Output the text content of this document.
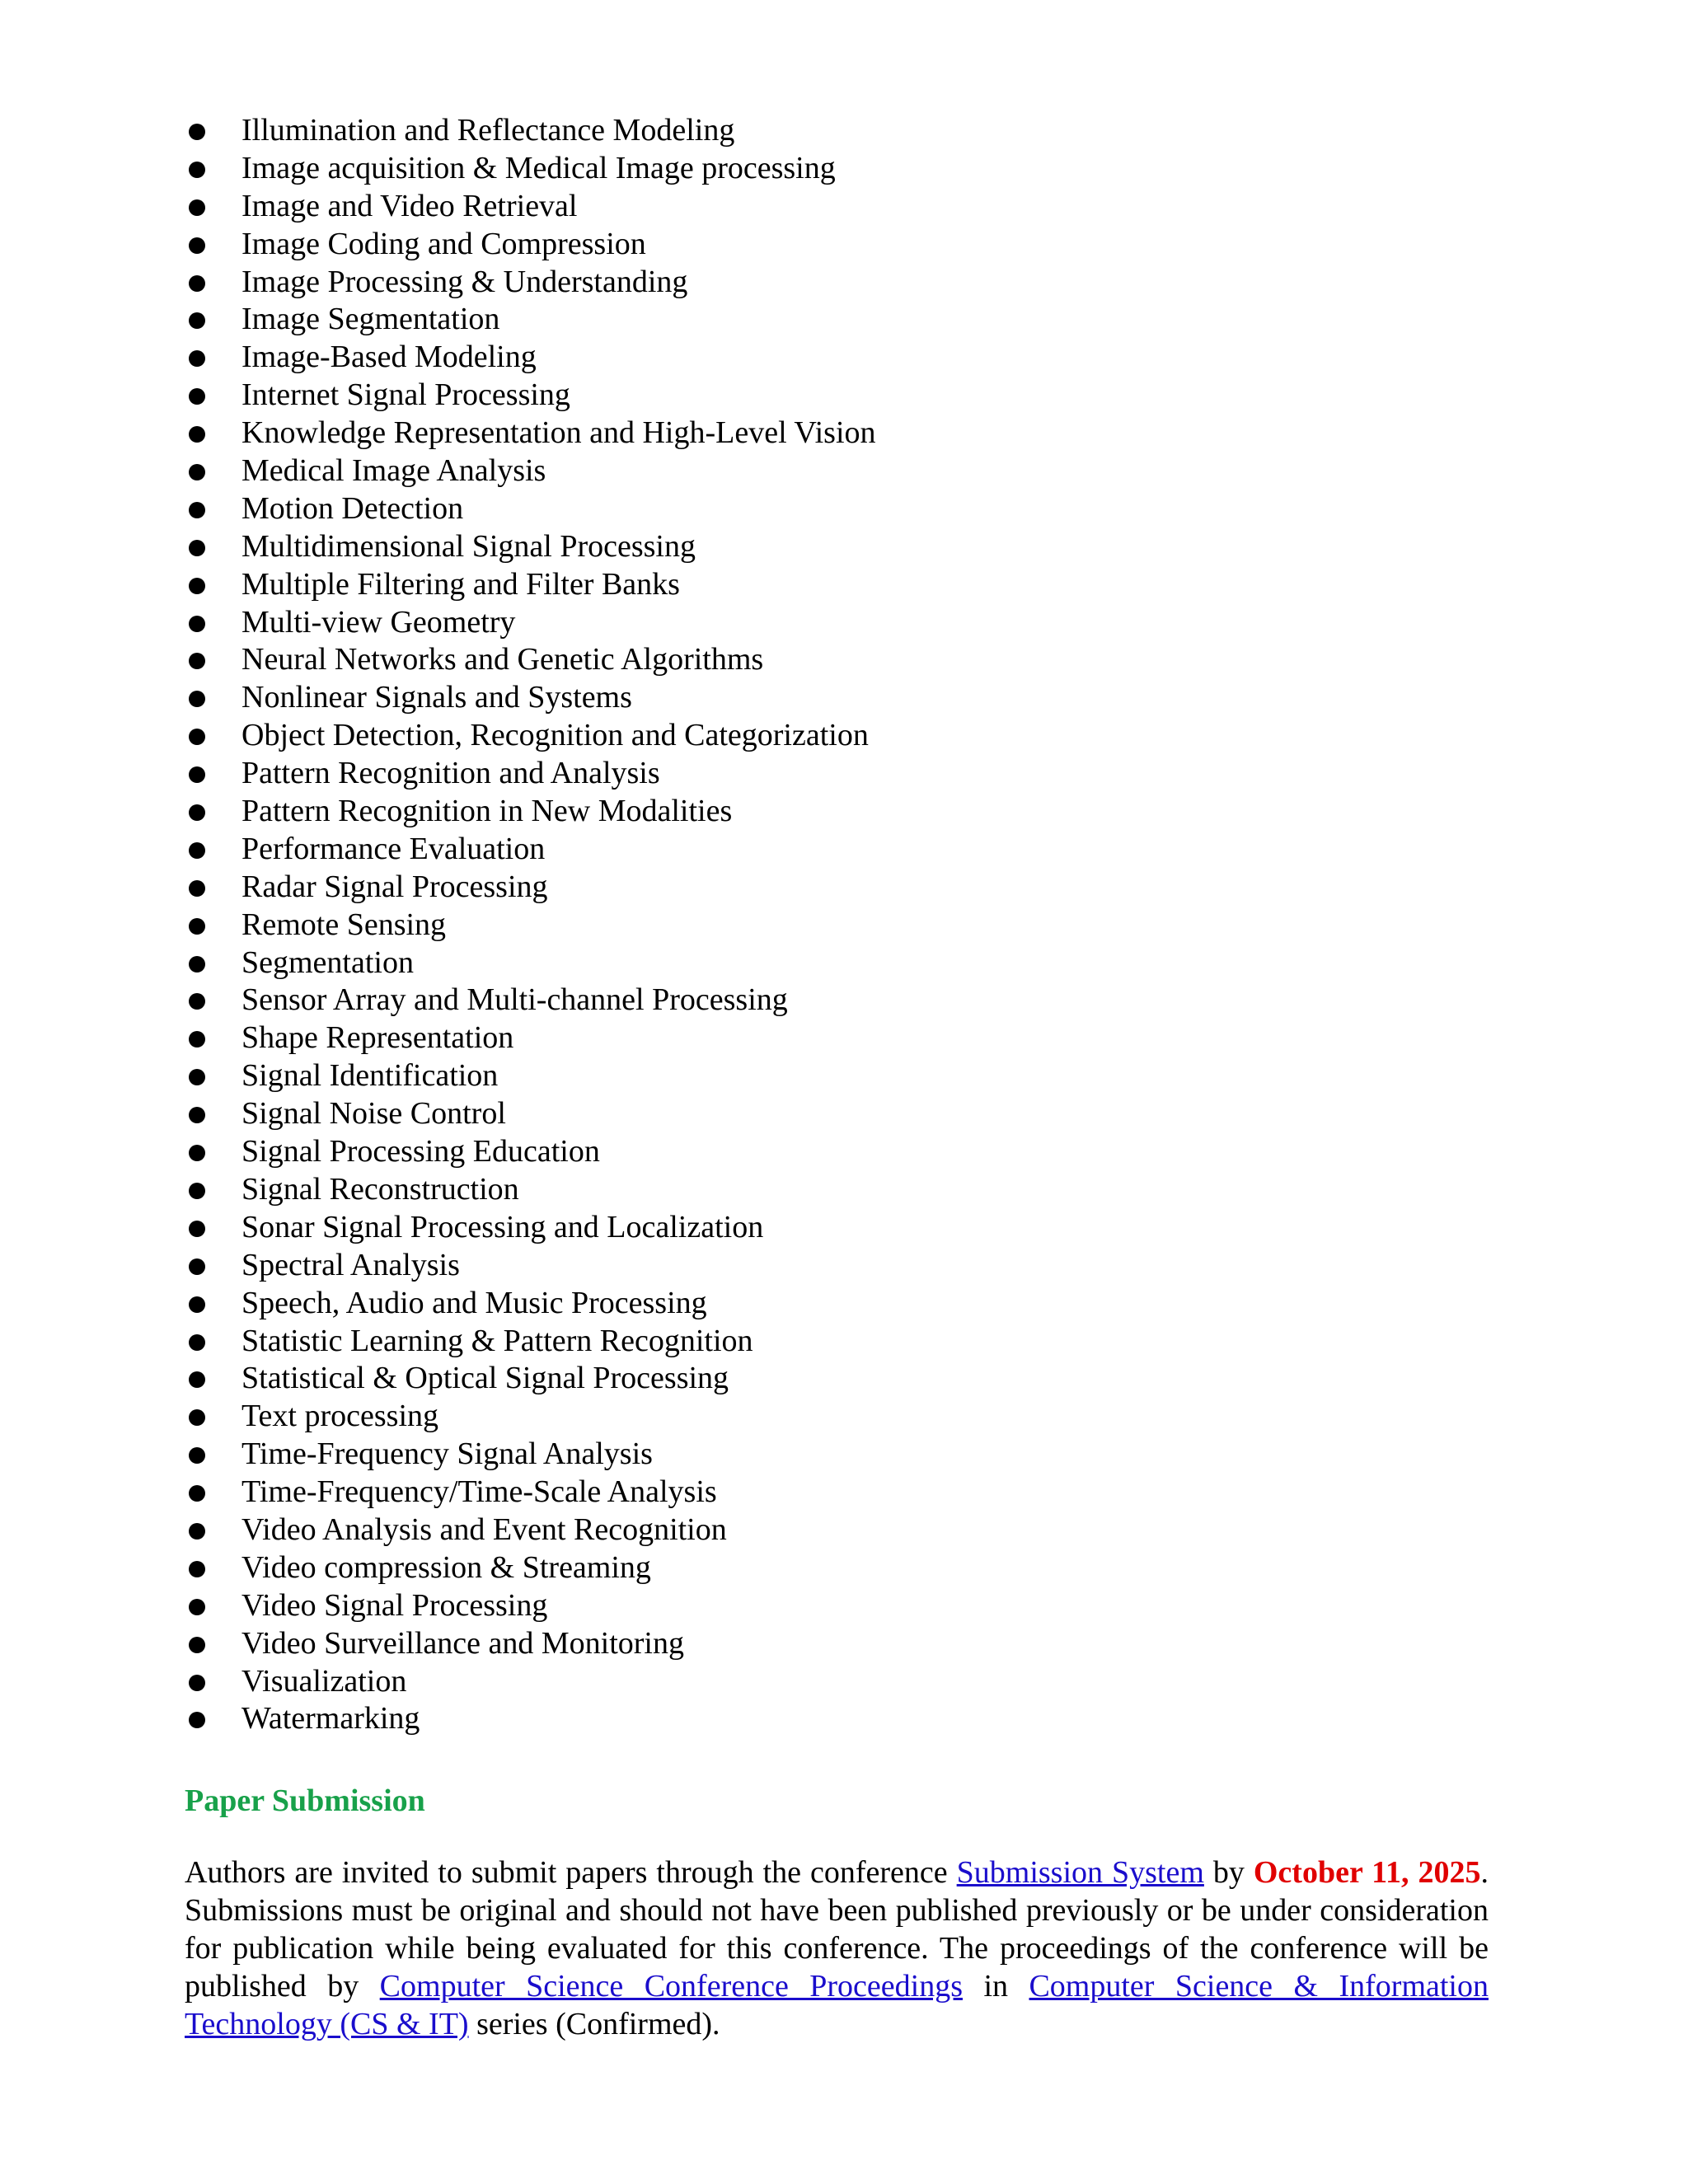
Illumination and Reflectance Modeling
Image acquisition & Medical Image processing
Image and Video Retrieval
Image Coding and Compression
Image Processing & Understanding
Image Segmentation
Image-Based Modeling
Internet Signal Processing
Knowledge Representation and High-Level Vision
Medical Image Analysis
Motion Detection
Multidimensional Signal Processing
Multiple Filtering and Filter Banks
Multi-view Geometry
Neural Networks and Genetic Algorithms
Nonlinear Signals and Systems
Object Detection, Recognition and Categorization
Pattern Recognition and Analysis
Pattern Recognition in New Modalities
Performance Evaluation
Radar Signal Processing
Remote Sensing
Segmentation
Sensor Array and Multi-channel Processing
Shape Representation
Signal Identification
Signal Noise Control
Signal Processing Education
Signal Reconstruction
Sonar Signal Processing and Localization
Spectral Analysis
Speech, Audio and Music Processing
Statistic Learning & Pattern Recognition
Statistical & Optical Signal Processing
Text processing
Time-Frequency Signal Analysis
Time-Frequency/Time-Scale Analysis
Video Analysis and Event Recognition
Video compression & Streaming
Video Signal Processing
Video Surveillance and Monitoring
Visualization
Watermarking
Paper Submission

Authors are invited to submit papers through the conference Submission System by October 11, 2025. Submissions must be original and should not have been published previously or be under consideration for publication while being evaluated for this conference. The proceedings of the conference will be published by Computer Science Conference Proceedings in Computer Science & Information Technology (CS & IT) series (Confirmed).
